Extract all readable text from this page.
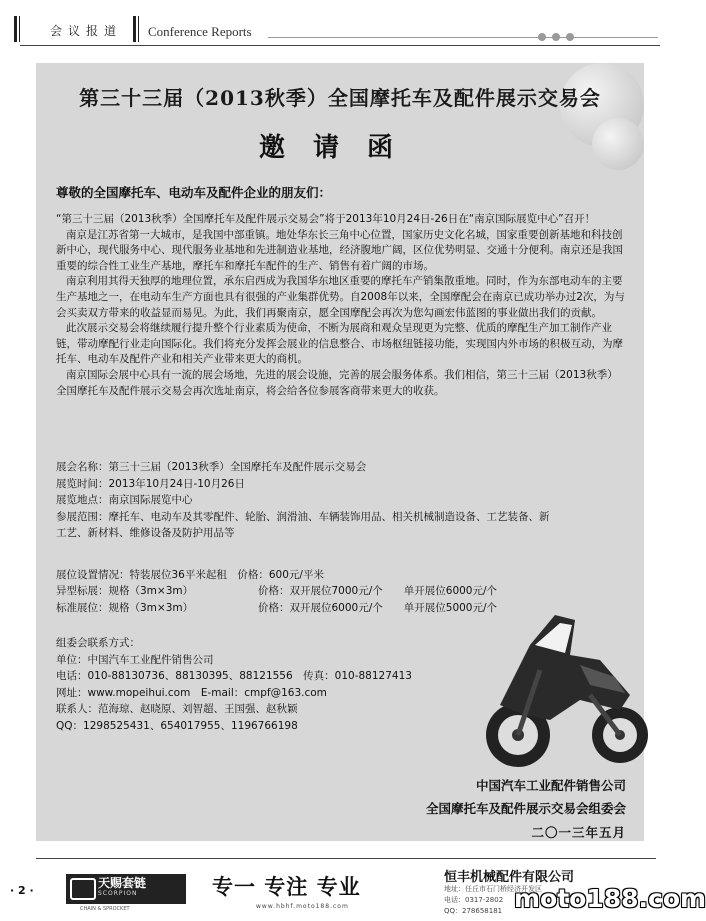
会议报道 Conference Reports
第三十三届（2013秋季）全国摩托车及配件展示交易会
邀请函
尊敬的全国摩托车、电动车及配件企业的朋友们：

“第三十三届（2013秋季）全国摩托车及配件展示交易会”将于2013年10月24日-26日在“南京国际展览中心”召开！

南京是江苏省第一大城市，是我国中部重镇。地处华东长三角中心位置，国家历史文化名城，国家重要创新基地和科技创新中心，现代服务中心、现代服务业基地和先进制造业基地，经济腹地广阔，区位优势明显、交通十分便利。南京还是我国重要的综合性工业生产基地，摩托车和摩托车配件的生产、销售有着广阔的市场。

南京利用其得天独厚的地理位置，承东启西成为我国华东地区重要的摩托车产销集散重地。同时，作为东部电动车的主要生产基地之一，在电动车生产方面也具有很强的产业集群优势。自2008年以来，全国摩配会在南京已成功举办过2次，为与会买卖双方带来的收益显而易见。为此，我们再聚南京，愿全国摩配会再次为您勾画宏伟蓝图的事业做出我们的贡献。

此次展示交易会将继续履行提升整个行业素质为使命，不断为展商和观众呈现更为完整、优质的摩配生产加工制作产业链，带动摩配行业走向国际化。我们将充分发挥会展业的信息整合、市场枢纽链接功能，实现国内外市场的积极互动，为摩托车、电动车及配件产业和相关产业带来更大的商机。

南京国际会展中心具有一流的展会场地，先进的展会设施，完善的展会服务体系。我们相信，第三十三届（2013秋季）全国摩托车及配件展示交易会再次选址南京，将会给各位参展客商带来更大的收获。

展会名称：第三十三届（2013秋季）全国摩托车及配件展示交易会
展览时间：2013年10月24日-10月26日
展览地点：南京国际展览中心
参展范围：摩托车、电动车及其零配件、轮胎、润滑油、车辆装饰用品、相关机械制造设备、工艺装备、新
工艺、新材料、维修设备及防护用品等
展位设置情况：特装展位36平米起租　价格：600元/平米
异型标展：规格（3m×3m）	价格：双开展位7000元/个　　单开展位6000元/个
标准展位：规格（3m×3m）	价格：双开展位6000元/个　　单开展位5000元/个
组委会联系方式：
单位：中国汽车工业配件销售公司
电话：010-88130736、88130395、88121556　传真：010-88127413
网址：www.mopeihui.com　E-mail：cmpf@163.com
联系人：范海琼、赵晓原、刘智超、王国强、赵秋颖
QQ：1298525431、654017955、1196766198
中国汽车工业配件销售公司
全国摩托车及配件展示交易会组委会
二〇一三年五月
· 2 ·
天赐套链
SCORPION
CHAIN & SPROCKET
专一 专注 专业
www.hbhf.moto188.com
恒丰机械配件有限公司
地址：任丘市石门桥经济开发区
电话：0317-2802
QQ：278658181 moto188.com
